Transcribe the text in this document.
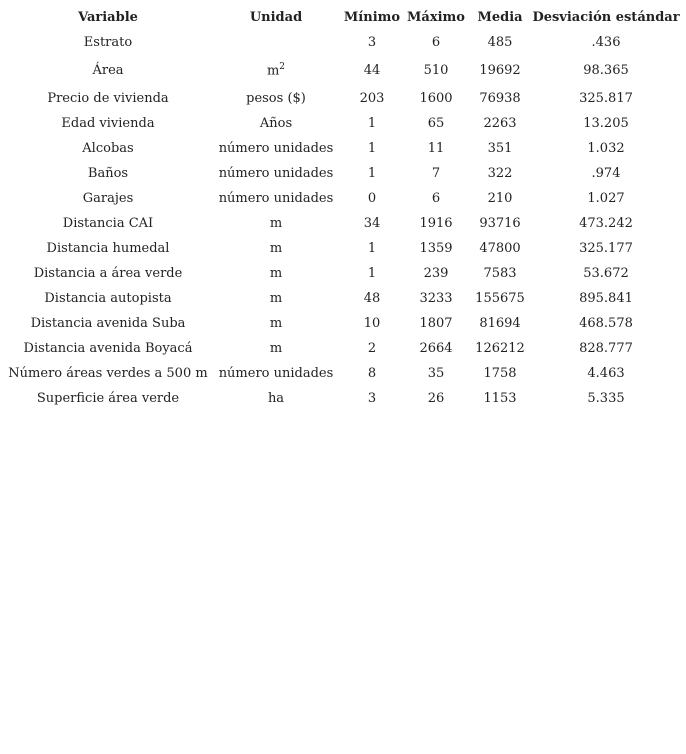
Variable	Unidad	Mínimo	Máximo	Media	Desviación estándar
Estrato		3	6	485	.436
Área	$m^2$	44	510	19692	98.365
Precio de vivienda	pesos ($)	203	1600	76938	325.817
Edad vivienda	Años	1	65	2263	13.205
Alcobas	número unidades	1	11	351	1.032
Baños	número unidades	1	7	322	.974
Garajes	número unidades	0	6	210	1.027
Distancia CAI	m	34	1916	93716	473.242
Distancia humedal	m	1	1359	47800	325.177
Distancia a área verde	m	1	239	7583	53.672
Distancia autopista	m	48	3233	155675	895.841
Distancia avenida Suba	m	10	1807	81694	468.578
Distancia avenida Boyacá	m	2	2664	126212	828.777
Número áreas verdes a 500 m	número unidades	8	35	1758	4.463
Superficie área verde	ha	3	26	1153	5.335
